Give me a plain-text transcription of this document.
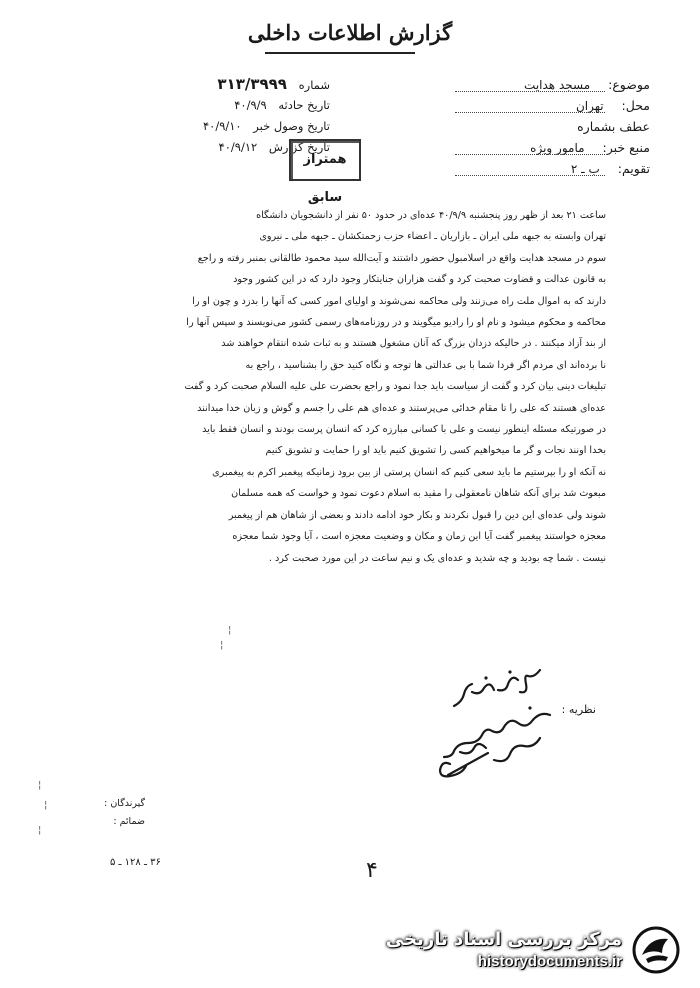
گزارش اطلاعات داخلی
موضوع: مسجد هدایت
محل: تهران
عطف بشماره
منبع خبر: مامور ویژه
تقویم: ب ـ ۲
شماره ۳۱۳/۳۹۹۹
تاریخ حادثه ۴۰/۹/۹
تاریخ وصول خبر ۴۰/۹/۱۰
تاریخ گزارش ۴۰/۹/۱۲
همتراز سابق

ساعت ۲۱ بعد از ظهر روز پنجشنبه ۴۰/۹/۹ عده‌ای در حدود ۵۰ نفر از دانشجویان دانشگاه

تهران وابسته به جبهه ملی ایران ـ بازاریان ـ اعضاء حزب زحمتکشان ـ جبهه ملی ـ نیروی

سوم در مسجد هدایت واقع در اسلامبول حضور داشتند و آیت‌الله سید محمود طالقانی بمنبر رفته و راجع

به قانون عدالت و قضاوت صحبت کرد و گفت هزاران جنایتکار وجود دارد که در این کشور وجود

دارند که به اموال ملت راه می‌زنند ولی محاکمه نمی‌شوند و اولیای امور کسی که آنها را بدزد و چون او را

محاکمه و محکوم میشود و نام او را رادیو میگویند و در روزنامه‌های رسمی کشور می‌نویسند و سپس آنها را

از بند آزاد میکنند . در حالیکه دزدان بزرگ که آنان مشغول هستند و به ثبات شده انتقام خواهند شد

نا برده‌اند ای مردم اگر فردا شما با بی عدالتی ها توجه و نگاه کنید حق را بشناسید ، راجع به

تبلیغات دینی بیان کرد و گفت از سیاست باید جدا نمود و راجع بحضرت علی علیه السلام صحبت کرد و گفت

عده‌ای هستند که علی را تا مقام خدائی می‌پرستند و عده‌ای هم علی را جسم و گوش و زبان خدا میدانند

در صورتیکه مسئله اینطور نیست و علی با کسانی مبارزه کرد که انسان پرست بودند و انسان فقط باید

بخدا اونند نجات و گر ما میخواهیم کسی را تشویق کنیم باید او را حمایت و تشویق کنیم

نه آنکه او را بپرستیم ما باید سعی کنیم که انسان پرستی از بین برود زمانیکه پیغمبر اکرم به پیغمبری

مبعوث شد برای آنکه شاهان نامعقولی را مقید به اسلام دعوت نمود و خواست که همه مسلمان

شوند ولی عده‌ای این دین را قبول نکردند و بکار خود ادامه دادند و بعضی از شاهان هم از پیغمبر

معجزه خواستند پیغمبر گفت آیا این زمان و مکان و وضعیت معجزه است ، آیا وجود شما معجزه

نیست . شما چه بودید و چه شدید و عده‌ای یک و نیم ساعت در این مورد صحبت کرد .

¦
¦
¦
¦
¦
نظریه :
گیرندگان :
ضمائم :
۳۶ ـ ۱۲۸ ـ ۵	۴
مرکز بررسی اسناد تاریخی
historydocuments.ir
